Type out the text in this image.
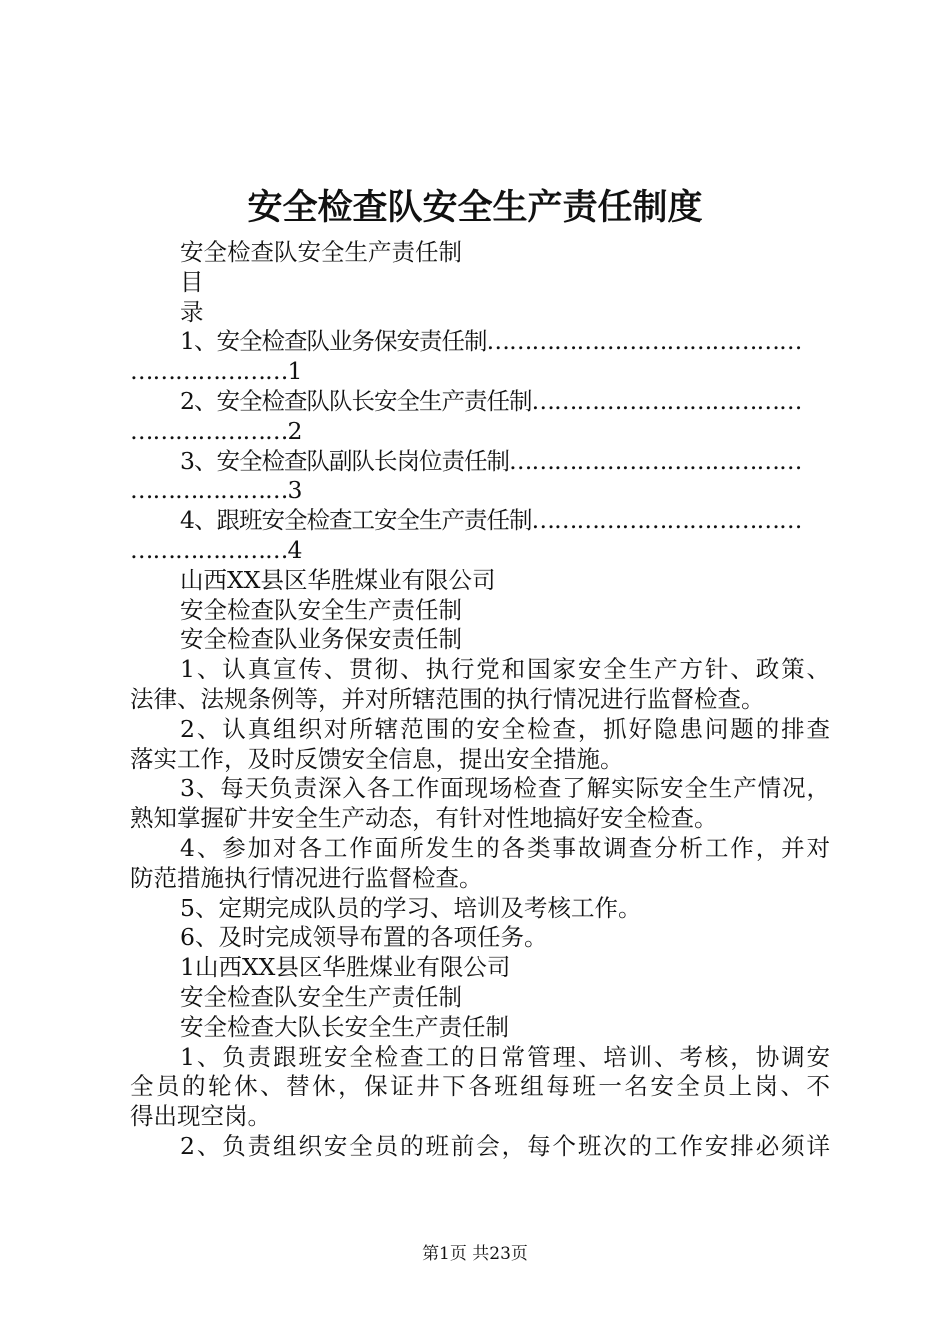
安全检查队安全生产责任制度
安全检查队安全生产责任制
目
录
1、安全检查队业务保安责任制……………………………………
…………………1
2、安全检查队队长安全生产责任制………………………………
…………………2
3、安全检查队副队长岗位责任制…………………………………
…………………3
4、跟班安全检查工安全生产责任制………………………………
…………………4
山西XX县区华胜煤业有限公司
安全检查队安全生产责任制
安全检查队业务保安责任制
1、认真宣传、贯彻、执行党和国家安全生产方针、政策、
法律、法规条例等，并对所辖范围的执行情况进行监督检查。
2、认真组织对所辖范围的安全检查，抓好隐患问题的排查
落实工作，及时反馈安全信息，提出安全措施。
3、每天负责深入各工作面现场检查了解实际安全生产情况，
熟知掌握矿井安全生产动态，有针对性地搞好安全检查。
4、参加对各工作面所发生的各类事故调查分析工作，并对
防范措施执行情况进行监督检查。
5、定期完成队员的学习、培训及考核工作。
6、及时完成领导布置的各项任务。
1山西XX县区华胜煤业有限公司
安全检查队安全生产责任制
安全检查大队长安全生产责任制
1、负责跟班安全检查工的日常管理、培训、考核，协调安
全员的轮休、替休，保证井下各班组每班一名安全员上岗、不
得出现空岗。
2、负责组织安全员的班前会，每个班次的工作安排必须详
第1页 共23页
